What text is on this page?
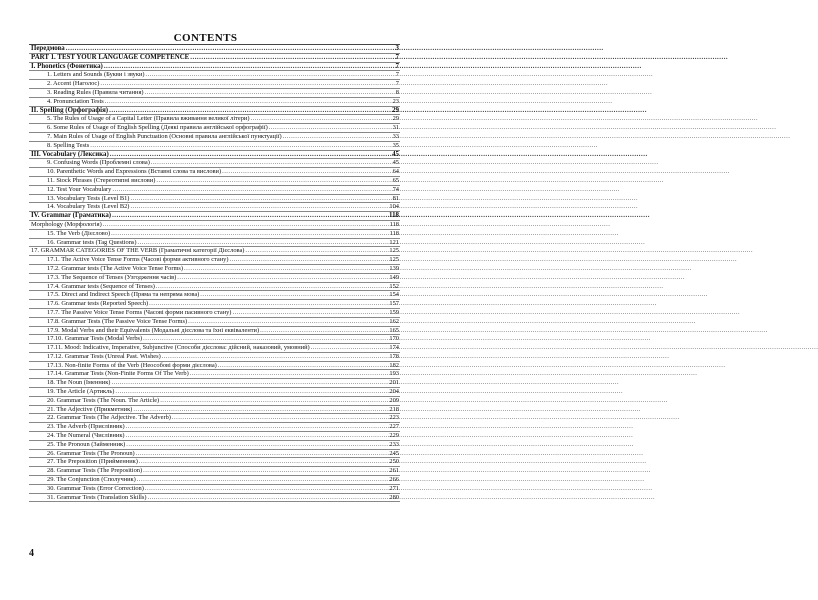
CONTENTS
Передмова .....	3
PART 1. TEST YOUR LANGUAGE COMPETENCE .....	7
I. Phonetics (Фонетика) .....	7
1. Letters and Sounds (Букви і звуки) .....	7
2. Accent (Наголос) .....	7
3. Reading Rules (Правила читання) .....	8
4. Pronunciation Tests .....	23
II. Spelling (Орфографія) .....	29
5. The Rules of Usage of a Capital Letter (Правила вживання великої літери) .....	29
6. Some Rules of Usage of English Spelling (Деякі правила англійської орфографії) .....	31
7. Main Rules of Usage of English Punctuation (Основні правила англійської пунктуації) .....	33
8. Spelling Tests .....	35
III. Vocabulary (Лексика) .....	45
9. Confusing Words (Проблемні слова) .....	45
10. Parenthetic Words and Expressions (Вставні слова та вислови) .....	64
11. Stock Phrases (Стереотипні вислови) .....	65
12. Test Your Vocabulary .....	74
13. Vocabulary Tests (Level B1) .....	81
14. Vocabulary Tests (Level B2) .....	104
IV. Grammar (Граматика) .....	118
Morphology (Морфологія) .....	118
15. The Verb (Дієслово) .....	118
16. Grammar tests (Tag Questions) .....	121
17. GRAMMAR CATEGORIES OF THE VERB (Граматичні категорії Дієслова) .....	125
17.1. The Active Voice Tense Forms (Часові форми активного стану) .....	125
17.2. Grammar tests (The Active Voice Tense Forms) .....	139
17.3. The Sequence of Tenses (Узгодження часів) .....	149
17.4. Grammar tests (Sequence of Tenses) .....	152
17.5. Direct and Indirect Speech (Пряма та непряма мова) .....	154
17.6. Grammar tests (Reported Speech) .....	157
17.7. The Passive Voice Tense Forms (Часові форми пасивного стану) .....	159
17.8. Grammar Tests (The Passive Voice Tense Forms) .....	162
17.9. Modal Verbs and their Equivalents (Модальні дієслова та їхні еквіваленти) .....	165
17.10. Grammar Tests (Modal Verbs) .....	170
17.11. Mood: Indicative, Imperative, Subjunctive (Способи дієслова: дійсний, наказовий, умовний) .....	174
17.12. Grammar Tests (Unreal Past. Wishes) .....	178
17.13. Non-finite Forms of the Verb (Неособові форми дієслова) .....	182
17.14. Grammar Tests (Non-Finite Forms Of The Verb) .....	193
18. The Noun (Іменник) .....	201
19. The Article (Артикль) .....	204
20. Grammar Tests (The Noun. The Article) .....	209
21. The Adjective (Прикметник) .....	218
22. Grammar Tests (The Adjective. The Adverb) .....	223
23. The Adverb (Прислівник) .....	227
24. The Numeral (Числівник) .....	229
25. The Pronoun (Займенник) .....	233
26. Grammar Tests (The Pronoun) .....	245
27. The Preposition (Прийменник) .....	250
28. Grammar Tests (The Preposition) .....	261
29. The Conjunction (Сполучник) .....	266
30. Grammar Tests (Error Correction) .....	271
31. Grammar Tests (Translation Skills) .....	280
4
